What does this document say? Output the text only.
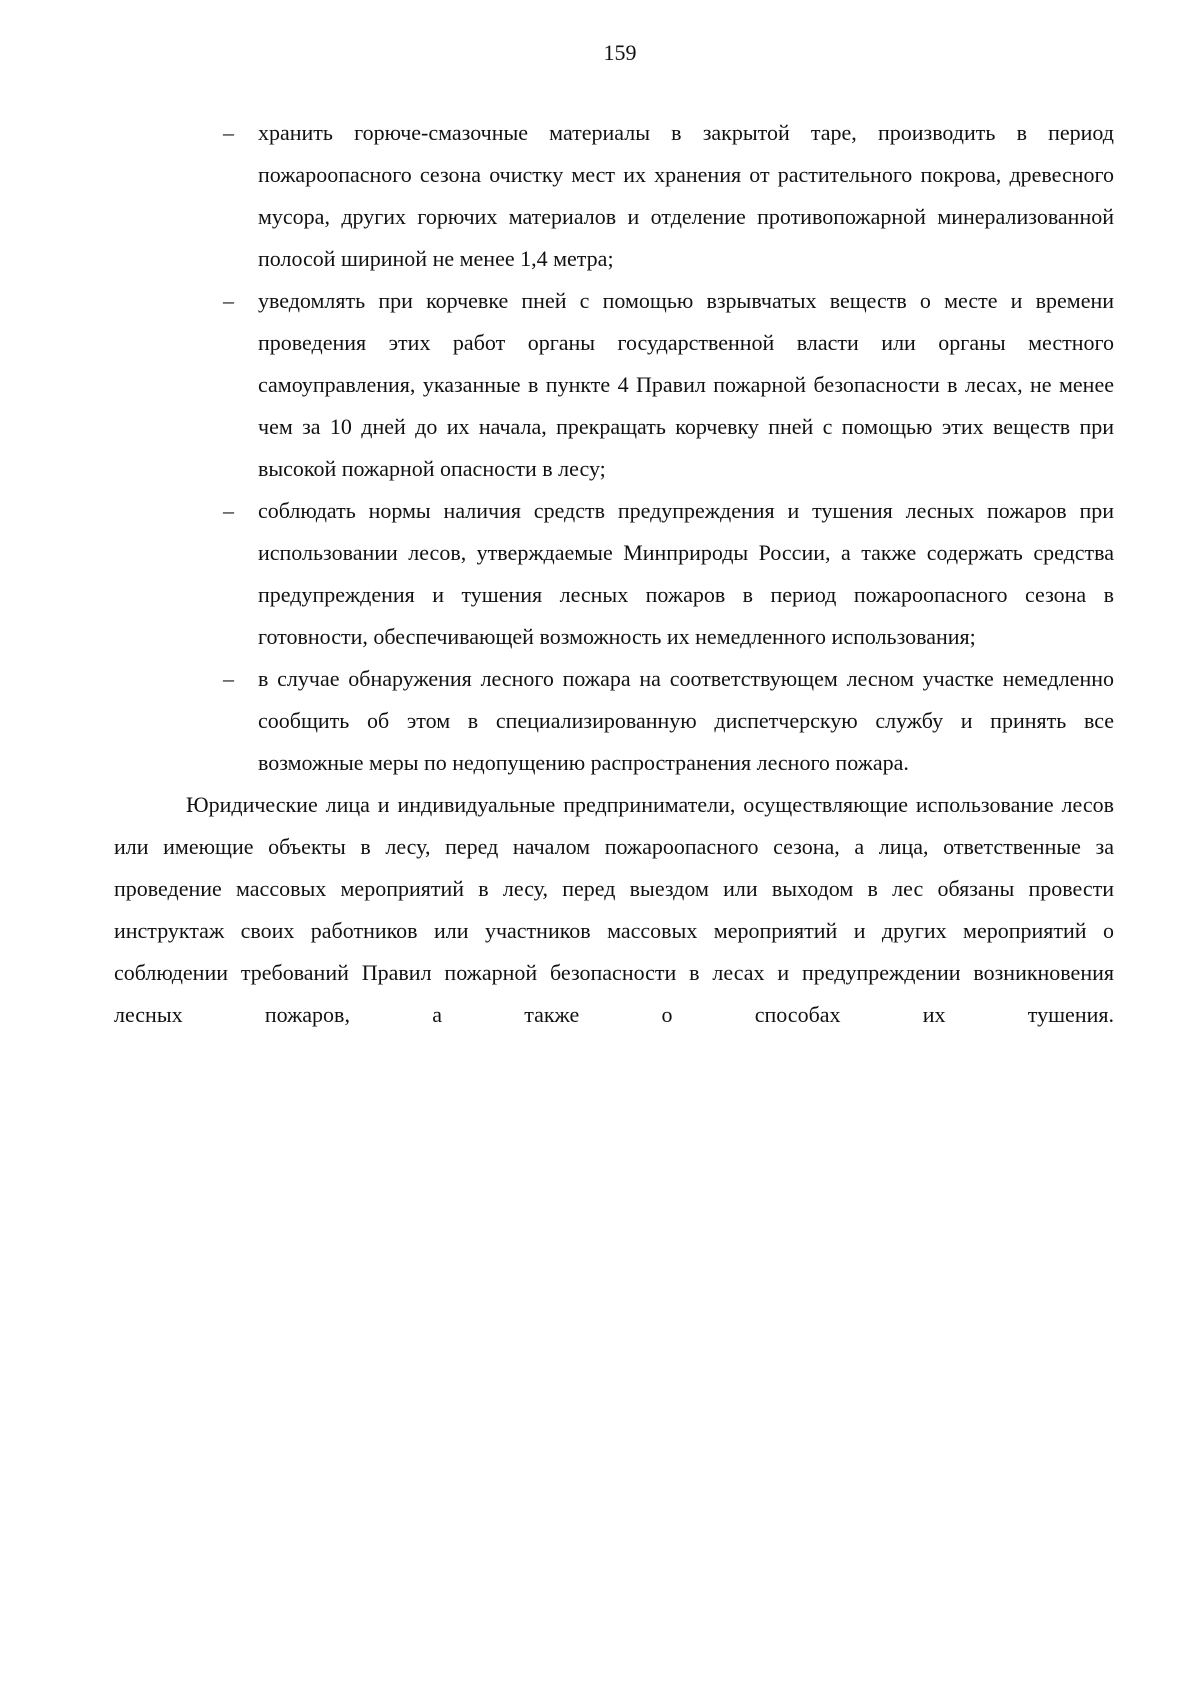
159
–	хранить горюче-смазочные материалы в закрытой таре, производить в период пожароопасного сезона очистку мест их хранения от растительного покрова, древесного мусора, других горючих материалов и отделение противопожарной минерализованной полосой шириной не менее 1,4 метра;
–	уведомлять при корчевке пней с помощью взрывчатых веществ о месте и времени проведения этих работ органы государственной власти или органы местного самоуправления, указанные в пункте 4 Правил пожарной безопасности в лесах, не менее чем за 10 дней до их начала, прекращать корчевку пней с помощью этих веществ при высокой пожарной опасности в лесу;
–	соблюдать нормы наличия средств предупреждения и тушения лесных пожаров при использовании лесов, утверждаемые Минприроды России, а также содержать средства предупреждения и тушения лесных пожаров в период пожароопасного сезона в готовности, обеспечивающей возможность их немедленного использования;
–	в случае обнаружения лесного пожара на соответствующем лесном участке немедленно сообщить об этом в специализированную диспетчерскую службу и принять все возможные меры по недопущению распространения лесного пожара.

Юридические лица и индивидуальные предприниматели, осуществляющие использование лесов или имеющие объекты в лесу, перед началом пожароопасного сезона, а лица, ответственные за проведение массовых мероприятий в лесу, перед выездом или выходом в лес обязаны провести инструктаж своих работников или участников массовых мероприятий и других мероприятий о соблюдении требований Правил пожарной безопасности в лесах и предупреждении возникновения лесных пожаров, а также о способах их тушения.
